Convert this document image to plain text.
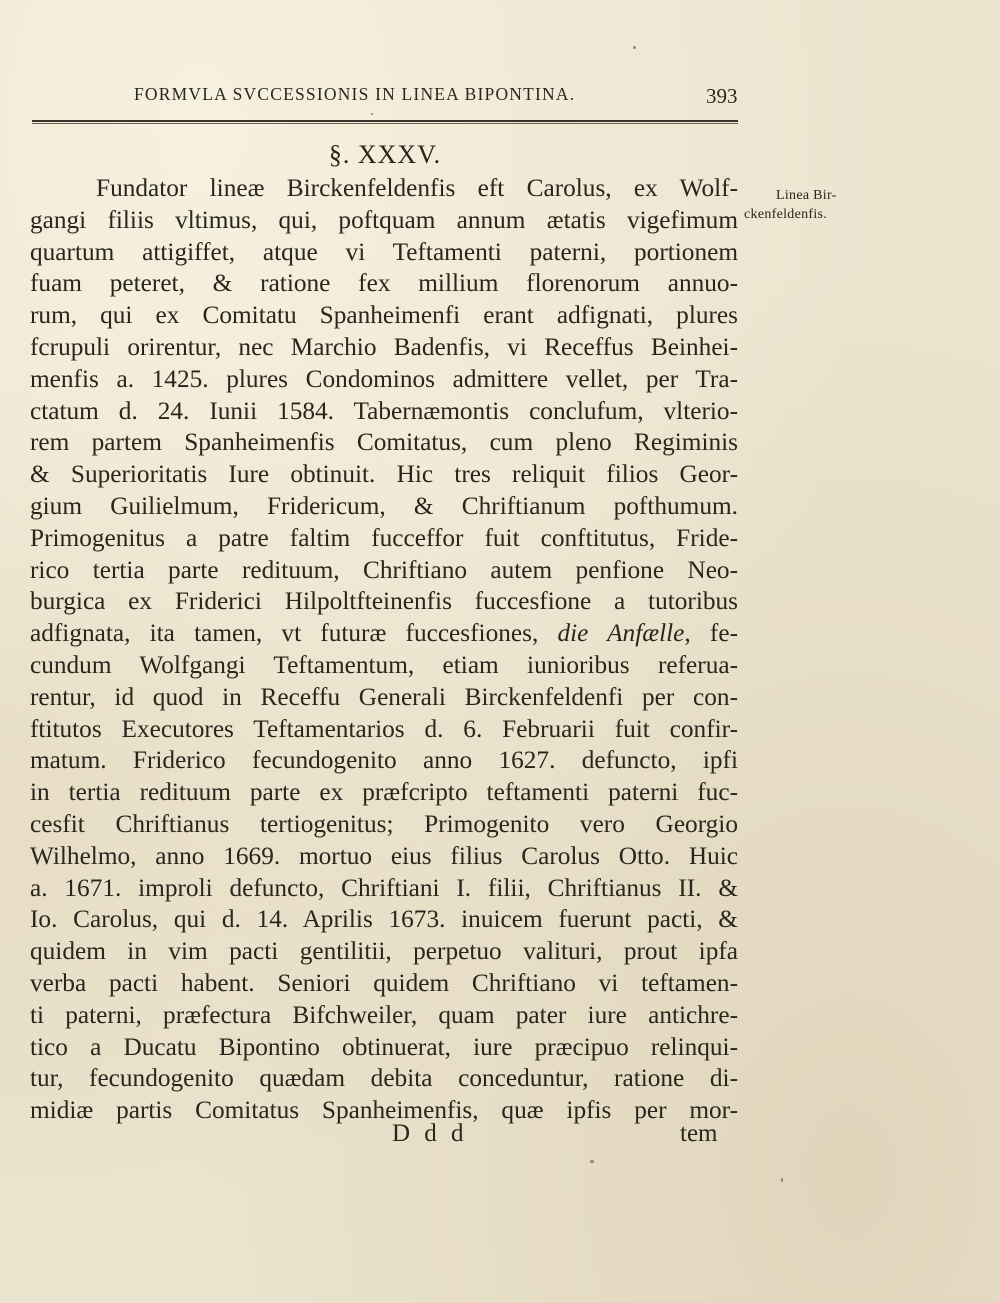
FORMVLA SVCCESSIONIS IN LINEA BIPONTINA.	393
§. XXXV.
Linea Bir-
ckenfeldenfis.
Fundator lineæ Birckenfeldenfis eft Carolus, ex Wolf-
gangi filiis vltimus, qui, poftquam annum ætatis vigefimum
quartum attigiffet, atque vi Teftamenti paterni, portionem
fuam peteret, & ratione fex millium florenorum annuo-
rum, qui ex Comitatu Spanheimenfi erant adfignati, plures
fcrupuli orirentur, nec Marchio Badenfis, vi Receffus Beinhei-
menfis a. 1425. plures Condominos admittere vellet, per Tra-
ctatum d. 24. Iunii 1584. Tabernæmontis conclufum, vlterio-
rem partem Spanheimenfis Comitatus, cum pleno Regiminis
& Superioritatis Iure obtinuit. Hic tres reliquit filios Geor-
gium Guilielmum, Fridericum, & Chriftianum pofthumum.
Primogenitus a patre faltim fucceffor fuit conftitutus, Fride-
rico tertia parte redituum, Chriftiano autem penfione Neo-
burgica ex Friderici Hilpoltfteinenfis fuccesfione a tutoribus
adfignata, ita tamen, vt futuræ fuccesfiones, die Anfælle, fe-
cundum Wolfgangi Teftamentum, etiam iunioribus referua-
rentur, id quod in Receffu Generali Birckenfeldenfi per con-
ftitutos Executores Teftamentarios d. 6. Februarii fuit confir-
matum. Friderico fecundogenito anno 1627. defuncto, ipfi
in tertia redituum parte ex præfcripto teftamenti paterni fuc-
cesfit Chriftianus tertiogenitus; Primogenito vero Georgio
Wilhelmo, anno 1669. mortuo eius filius Carolus Otto. Huic
a. 1671. improli defuncto, Chriftiani I. filii, Chriftianus II. &
Io. Carolus, qui d. 14. Aprilis 1673. inuicem fuerunt pacti, &
quidem in vim pacti gentilitii, perpetuo valituri, prout ipfa
verba pacti habent. Seniori quidem Chriftiano vi teftamen-
ti paterni, præfectura Bifchweiler, quam pater iure antichre-
tico a Ducatu Bipontino obtinuerat, iure præcipuo relinqui-
tur, fecundogenito quædam debita conceduntur, ratione di-
midiæ partis Comitatus Spanheimenfis, quæ ipfis per mor-
D d d	tem
